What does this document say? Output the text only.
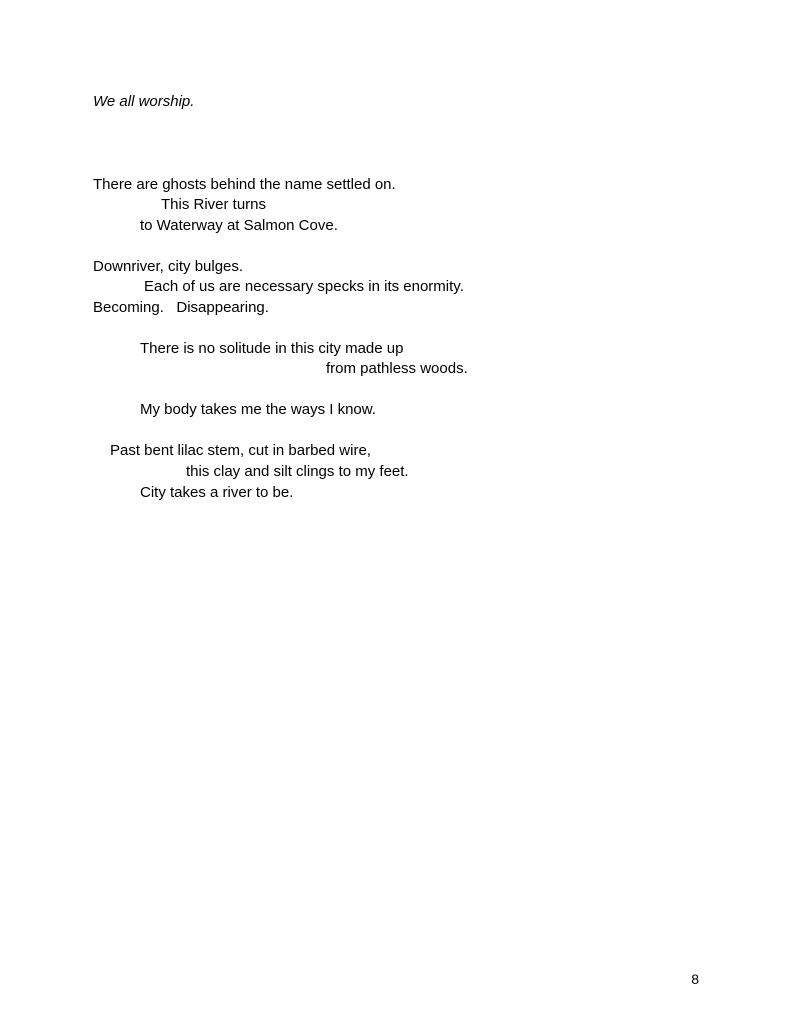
We all worship.

There are ghosts behind the name settled on.

This River turns

to Waterway at Salmon Cove.

Downriver, city bulges.

Each of us are necessary specks in its enormity.

Becoming.   Disappearing.

There is no solitude in this city made up

from pathless woods.

My body takes me the ways I know.

Past bent lilac stem, cut in barbed wire,

this clay and silt clings to my feet.

City takes a river to be.

8
